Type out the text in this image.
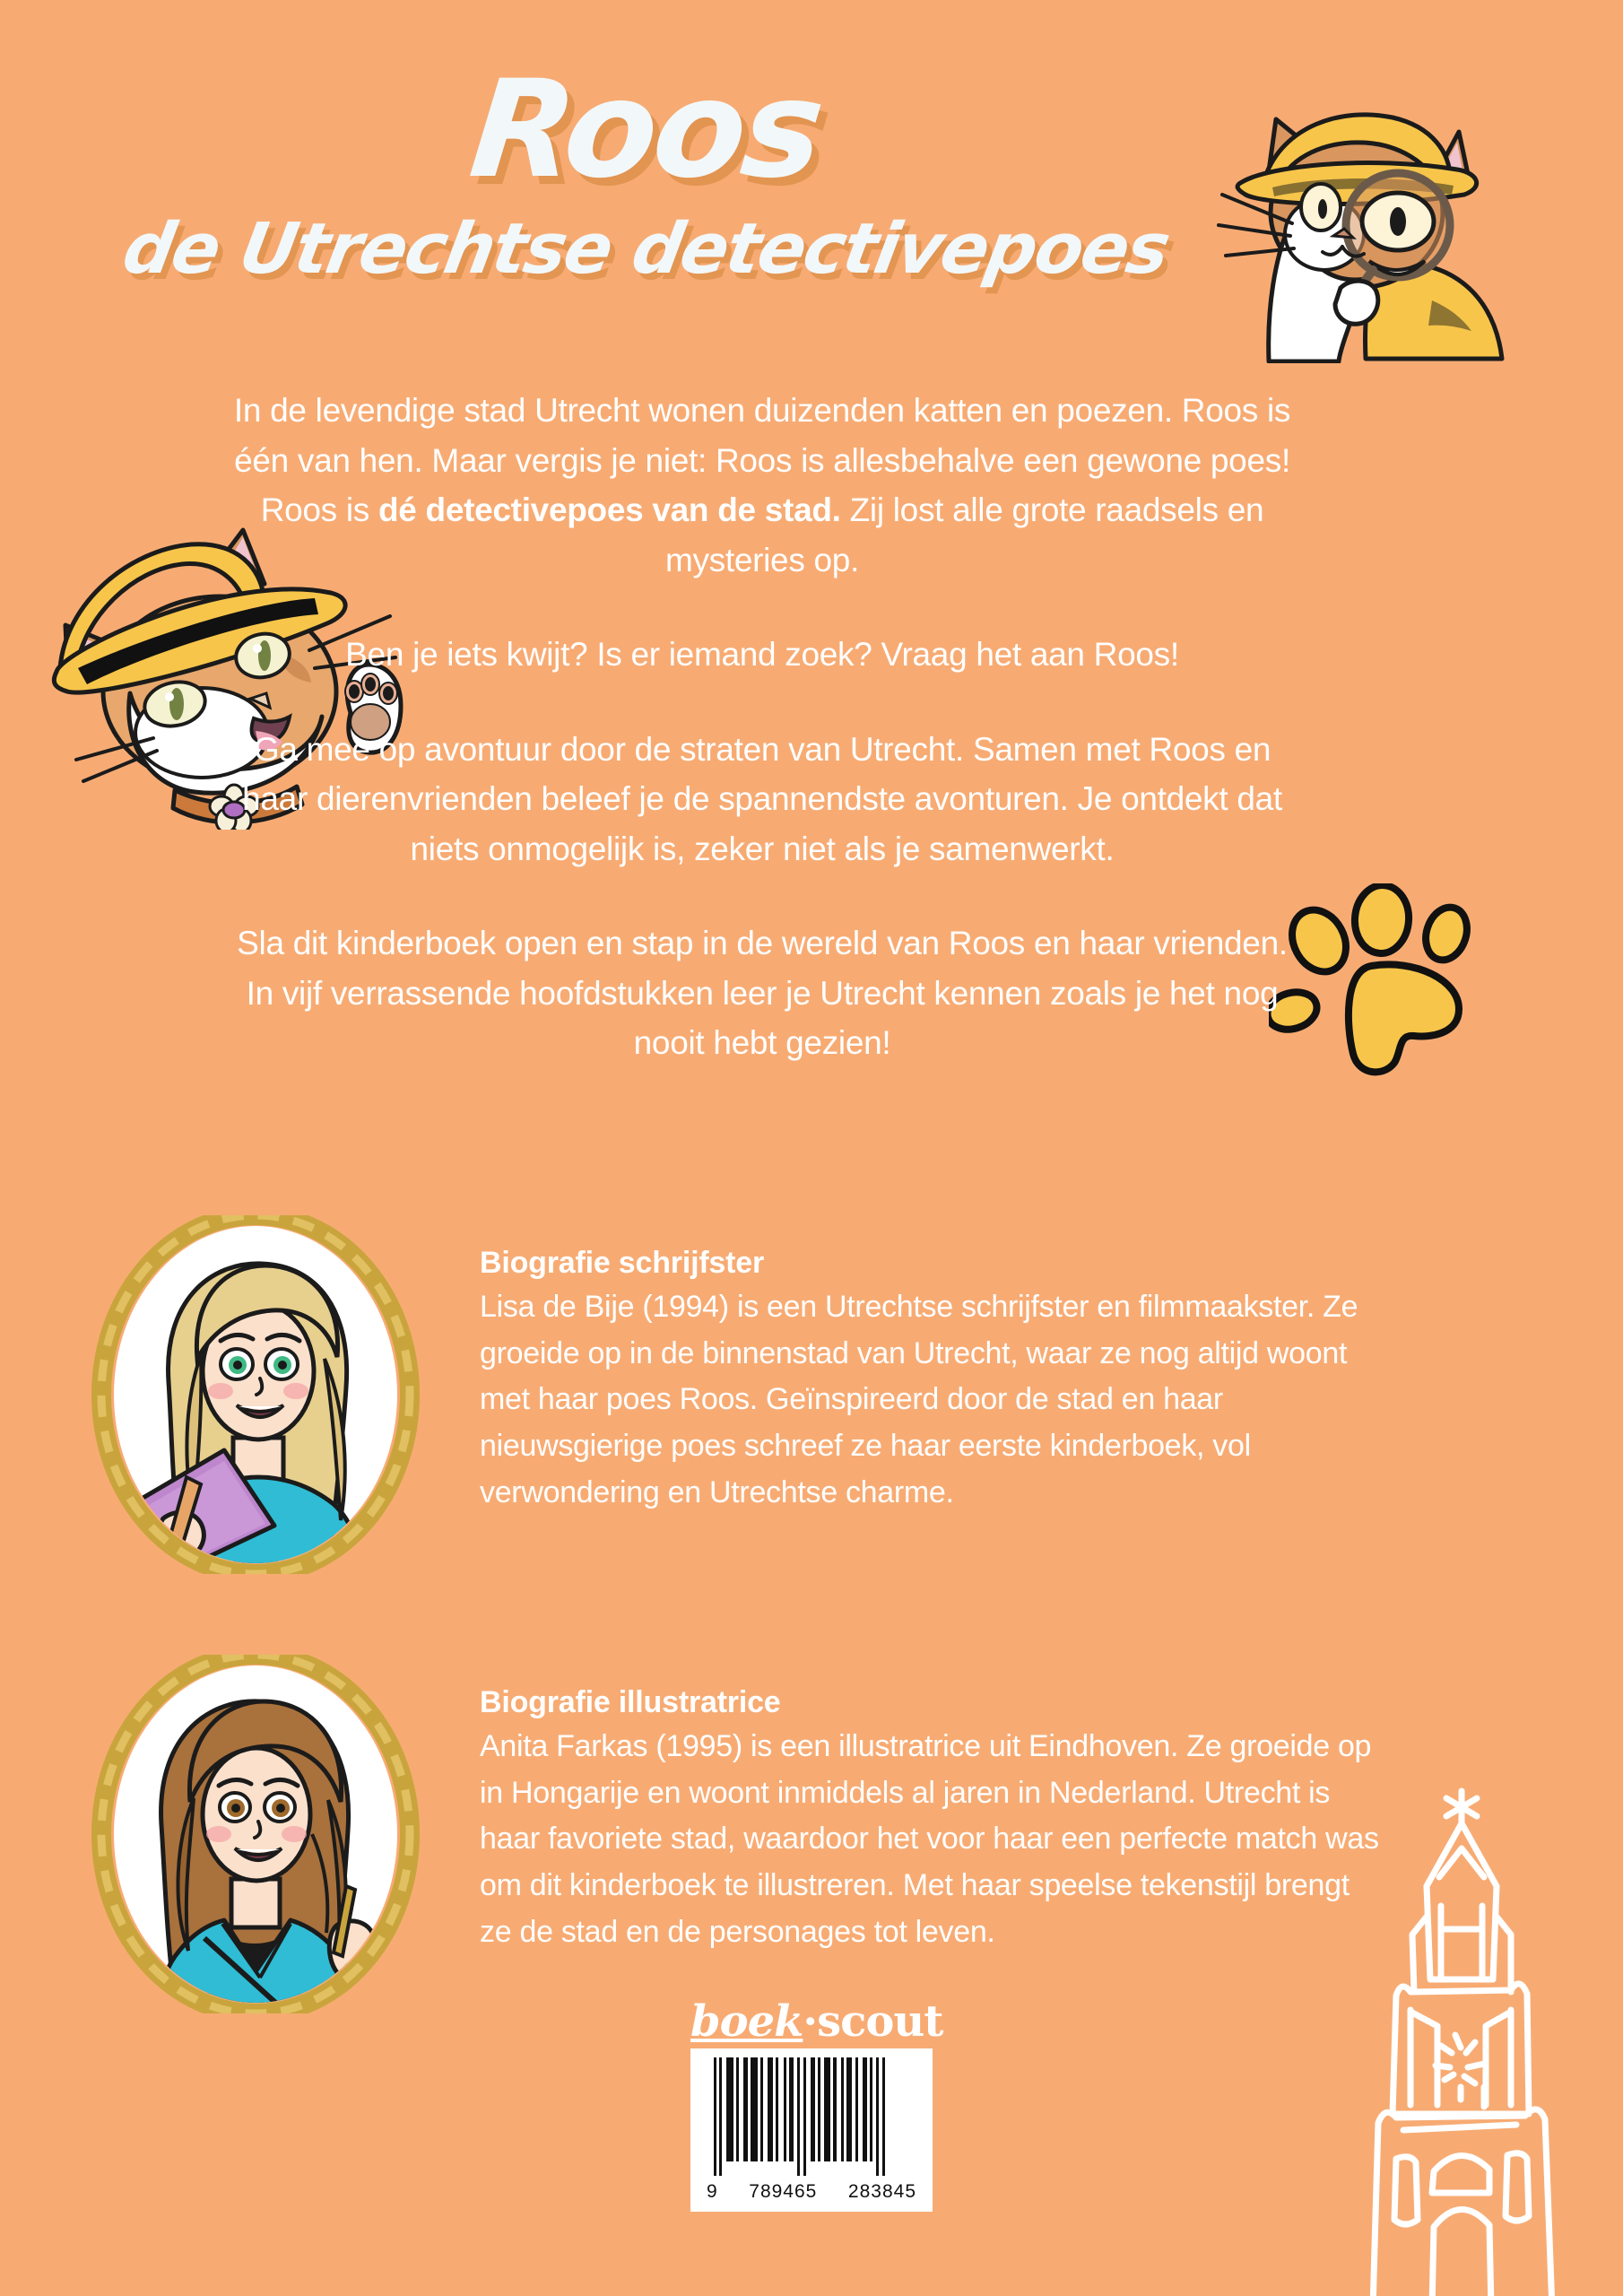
Roos
de Utrechtse detectivepoes

In de levendige stad Utrecht wonen duizenden katten en poezen. Roos is één van hen. Maar vergis je niet: Roos is allesbehalve een gewone poes! Roos is dé detectivepoes van de stad. Zij lost alle grote raadsels en mysteries op.

Ben je iets kwijt? Is er iemand zoek? Vraag het aan Roos!

Ga mee op avontuur door de straten van Utrecht. Samen met Roos en haar dierenvrienden beleef je de spannendste avonturen. Je ontdekt dat niets onmogelijk is, zeker niet als je samenwerkt.

Sla dit kinderboek open en stap in de wereld van Roos en haar vrienden. In vijf verrassende hoofdstukken leer je Utrecht kennen zoals je het nog nooit hebt gezien!

Biografie schrijfster
Lisa de Bije (1994) is een Utrechtse schrijfster en filmmaakster. Ze groeide op in de binnenstad van Utrecht, waar ze nog altijd woont met haar poes Roos. Geïnspireerd door de stad en haar nieuwsgierige poes schreef ze haar eerste kinderboek, vol verwondering en Utrechtse charme.
Biografie illustratrice
Anita Farkas (1995) is een illustratrice uit Eindhoven. Ze groeide op in Hongarije en woont inmiddels al jaren in Nederland. Utrecht is haar favoriete stad, waardoor het voor haar een perfecte match was om dit kinderboek te illustreren. Met haar speelse tekenstijl brengt ze de stad en de personages tot leven.
boek·scout
9 789465 283845
